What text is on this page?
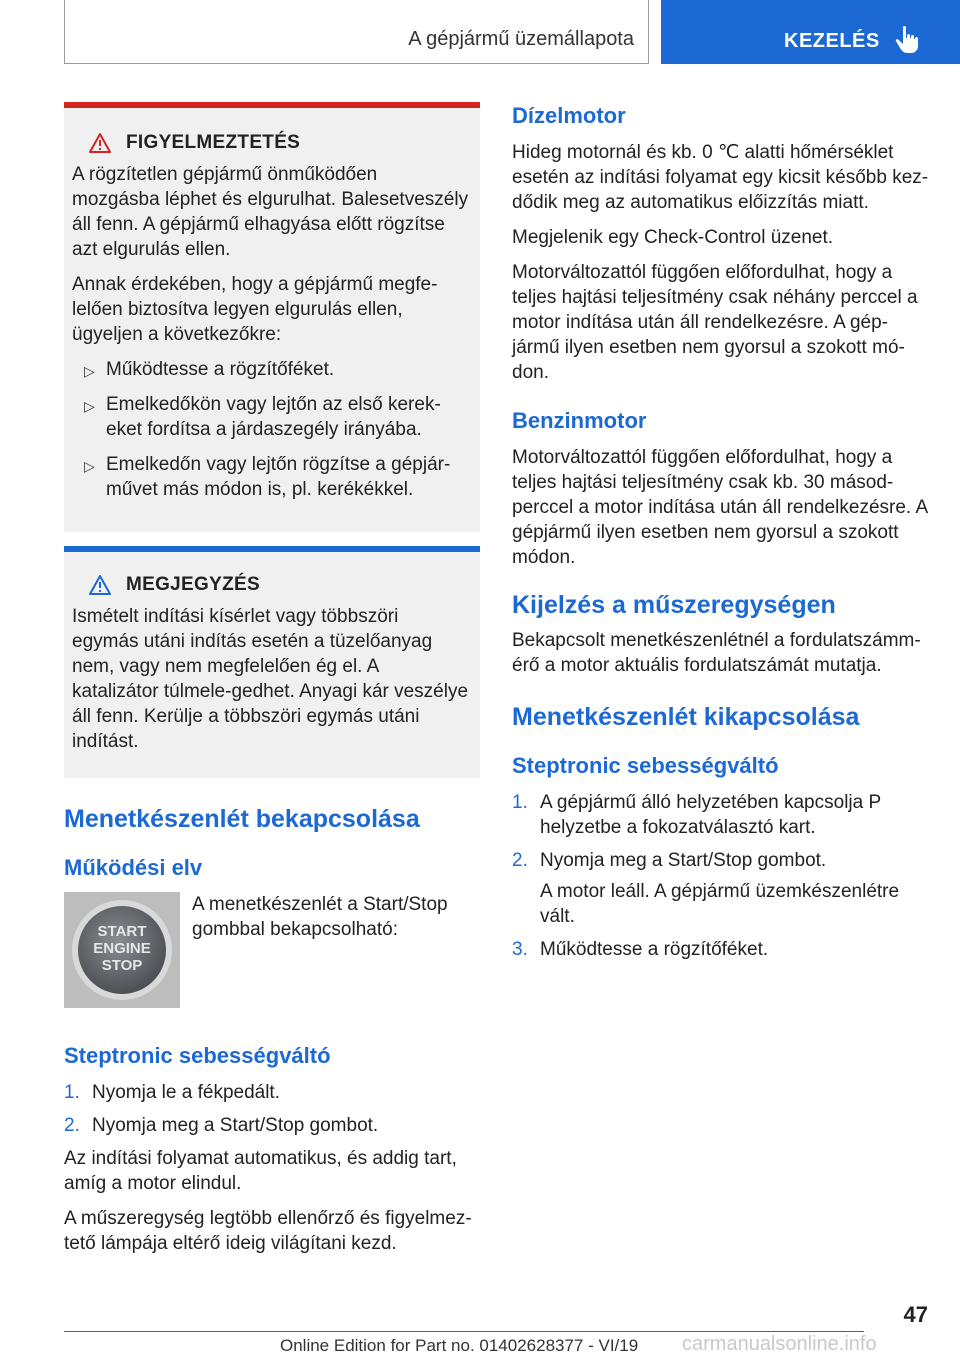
A gépjármű üzemállapota	KEZELÉS
FIGYELMEZTETÉS

A rögzítetlen gépjármű önműködően mozgásba léphet és elgurulhat. Balesetveszély áll fenn. A gépjármű elhagyása előtt rögzítse azt elgurulás ellen.

Annak érdekében, hogy a gépjármű megfe-lelően biztosítva legyen elgurulás ellen, ügyeljen a következőkre:

▷ Működtesse a rögzítőféket.
▷ Emelkedőkön vagy lejtőn az első kerek-eket fordítsa a járdaszegély irányába.
▷ Emelkedőn vagy lejtőn rögzítse a gépjár-művet más módon is, pl. kerékékkel.
MEGJEGYZÉS

Ismételt indítási kísérlet vagy többszöri egymás utáni indítás esetén a tüzelőanyag nem, vagy nem megfelelően ég el. A katalizátor túlmele-gedhet. Anyagi kár veszélye áll fenn. Kerülje a többszöri egymás utáni indítást.

Menetkészenlét bekapcsolása
Működési elv
START
ENGINE
STOP

A menetkészenlét a Start/Stop gombbal bekapcsolható:

Steptronic sebességváltó
1. Nyomja le a fékpedált.
2. Nyomja meg a Start/Stop gombot.

Az indítási folyamat automatikus, és addig tart, amíg a motor elindul.

A műszeregység legtöbb ellenőrző és figyelmez-tető lámpája eltérő ideig világítani kezd.

Dízelmotor

Hideg motornál és kb. 0 ℃ alatti hőmérséklet esetén az indítási folyamat egy kicsit később kez-dődik meg az automatikus előizzítás miatt.

Megjelenik egy Check-Control üzenet.

Motorváltozattól függően előfordulhat, hogy a teljes hajtási teljesítmény csak néhány perccel a motor indítása után áll rendelkezésre. A gép-jármű ilyen esetben nem gyorsul a szokott mó-don.

Benzinmotor

Motorváltozattól függően előfordulhat, hogy a teljes hajtási teljesítmény csak kb. 30 másod-perccel a motor indítása után áll rendelkezésre. A gépjármű ilyen esetben nem gyorsul a szokott módon.

Kijelzés a műszeregységen

Bekapcsolt menetkészenlétnél a fordulatszámm-érő a motor aktuális fordulatszámát mutatja.

Menetkészenlét kikapcsolása
Steptronic sebességváltó
1. A gépjármű álló helyzetében kapcsolja P helyzetbe a fokozatválasztó kart.
2. Nyomja meg a Start/Stop gombot.
A motor leáll. A gépjármű üzemkészenlétre vált.
3. Működtesse a rögzítőféket.
47
Online Edition for Part no. 01402628377 - VI/19 carmanualsonline.info
